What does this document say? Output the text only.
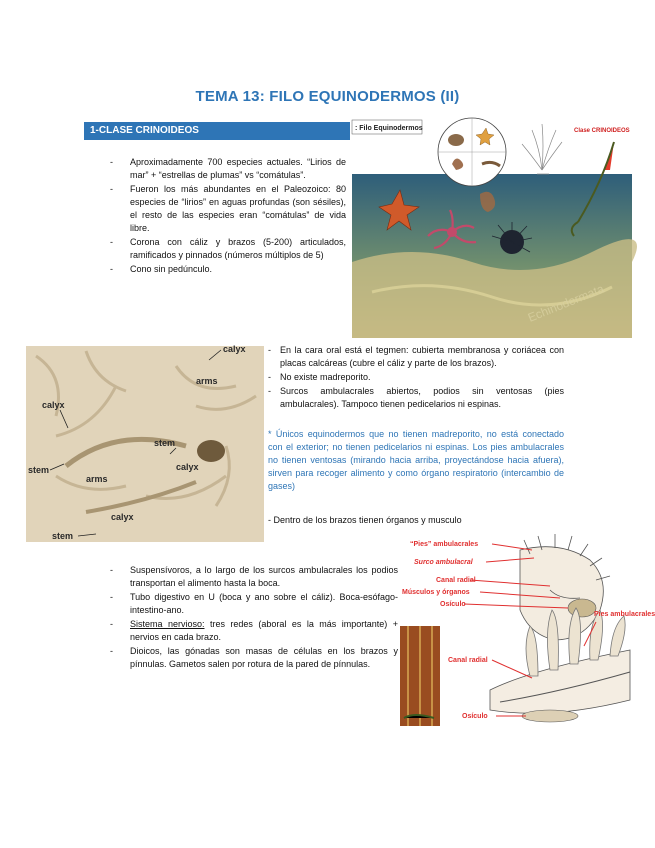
TEMA 13: FILO EQUINODERMOS (II)
1-CLASE CRINOIDEOS
- Aproximadamente 700 especies actuales. “Lirios de mar” + “estrellas de plumas” vs “comátulas”.
- Fueron los más abundantes en el Paleozoico: 80 especies de “lirios” en aguas profundas (son sésiles), el resto de las especies eran “comátulas” de vida libre.
- Corona con cáliz y brazos (5-200) articulados, ramificados y pinnados (números múltiplos de 5)
- Cono sin pedúnculo.
: Filo Equinodermos	Clase CRINOIDEOS
Echinodermata
calyx
arms
calyx
stem
stem	calyx
arms
calyx
stem
- En la cara oral está el tegmen: cubierta membranosa y coriácea con placas calcáreas (cubre el cáliz y parte de los brazos).
- No existe madreporito.
- Surcos ambulacrales abiertos, podios sin ventosas (pies ambulacrales). Tampoco tienen pedicelarios ni espinas.
* Únicos equinodermos que no tienen madreporito, no está conectado con el exterior; no tienen pedicelarios ni espinas. Los pies ambulacrales no tienen ventosas (mirando hacia arriba, proyectándose hacia afuera), sirven para recoger alimento y como órgano respiratorio (intercambio de gases)
- Dentro de los brazos tienen órganos y musculo
- Suspensívoros, a lo largo de los surcos ambulacrales los podios transportan el alimento hasta la boca.
- Tubo digestivo en U (boca y ano sobre el cáliz). Boca-esófago-intestino-ano.
- Sistema nervioso: tres redes (aboral es la más importante) + nervios en cada brazo.
- Dioicos, las gónadas son masas de células en los brazos y pínnulas. Gametos salen por rotura de la pared de pínnulas.
“Pies” ambulacrales
Surco ambulacral
Canal radial
Músculos y órganos
Osículo
Pies ambulacrales
Canal radial
Osículo
